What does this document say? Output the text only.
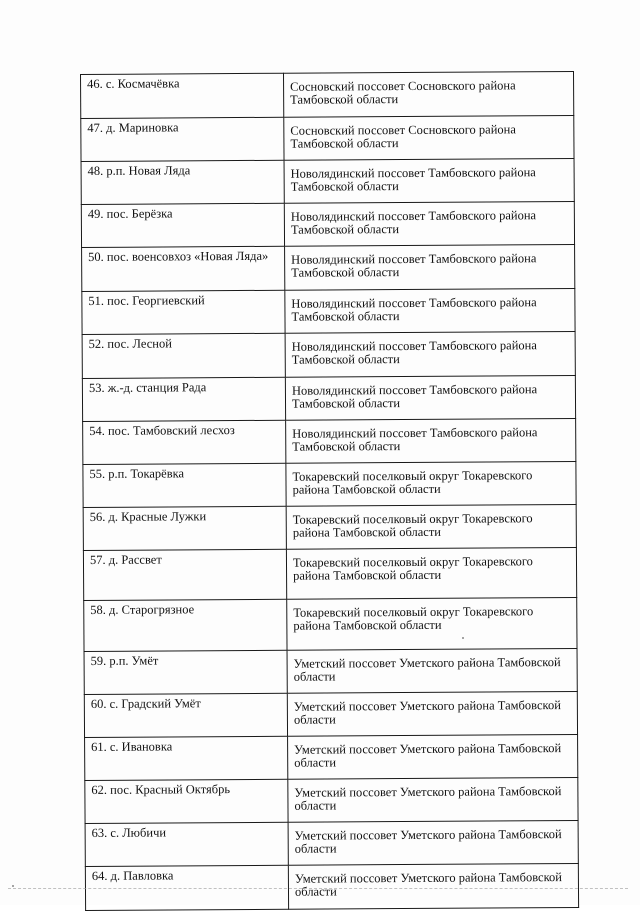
46. с. Космачёвка	Сосновский поссовет Сосновского района Тамбовской области
47. д. Мариновка	Сосновский поссовет Сосновского района Тамбовской области
48. р.п. Новая Ляда	Новолядинский поссовет Тамбовского района Тамбовской области
49. пос. Берёзка	Новолядинский поссовет Тамбовского района Тамбовской области
50. пос. военсовхоз «Новая Ляда»	Новолядинский поссовет Тамбовского района Тамбовской области
51. пос. Георгиевский	Новолядинский поссовет Тамбовского района Тамбовской области
52. пос. Лесной	Новолядинский поссовет Тамбовского района Тамбовской области
53. ж.-д. станция Рада	Новолядинский поссовет Тамбовского района Тамбовской области
54. пос. Тамбовский лесхоз	Новолядинский поссовет Тамбовского района Тамбовской области
55. р.п. Токарёвка	Токаревский поселковый округ Токаревского района Тамбовской области
56. д. Красные Лужки	Токаревский поселковый округ Токаревского района Тамбовской области
57. д. Рассвет	Токаревский поселковый округ Токаревского района Тамбовской области
58. д. Старогрязное	Токаревский поселковый округ Токаревского района Тамбовской области
59. р.п. Умёт	Уметский поссовет Уметского района Тамбовской области
60. с. Градский Умёт	Уметский поссовет Уметского района Тамбовской области
61. с. Ивановка	Уметский поссовет Уметского района Тамбовской области
62. пос. Красный Октябрь	Уметский поссовет Уметского района Тамбовской области
63. с. Любичи	Уметский поссовет Уметского района Тамбовской области
64. д. Павловка	Уметский поссовет Уметского района Тамбовской области
